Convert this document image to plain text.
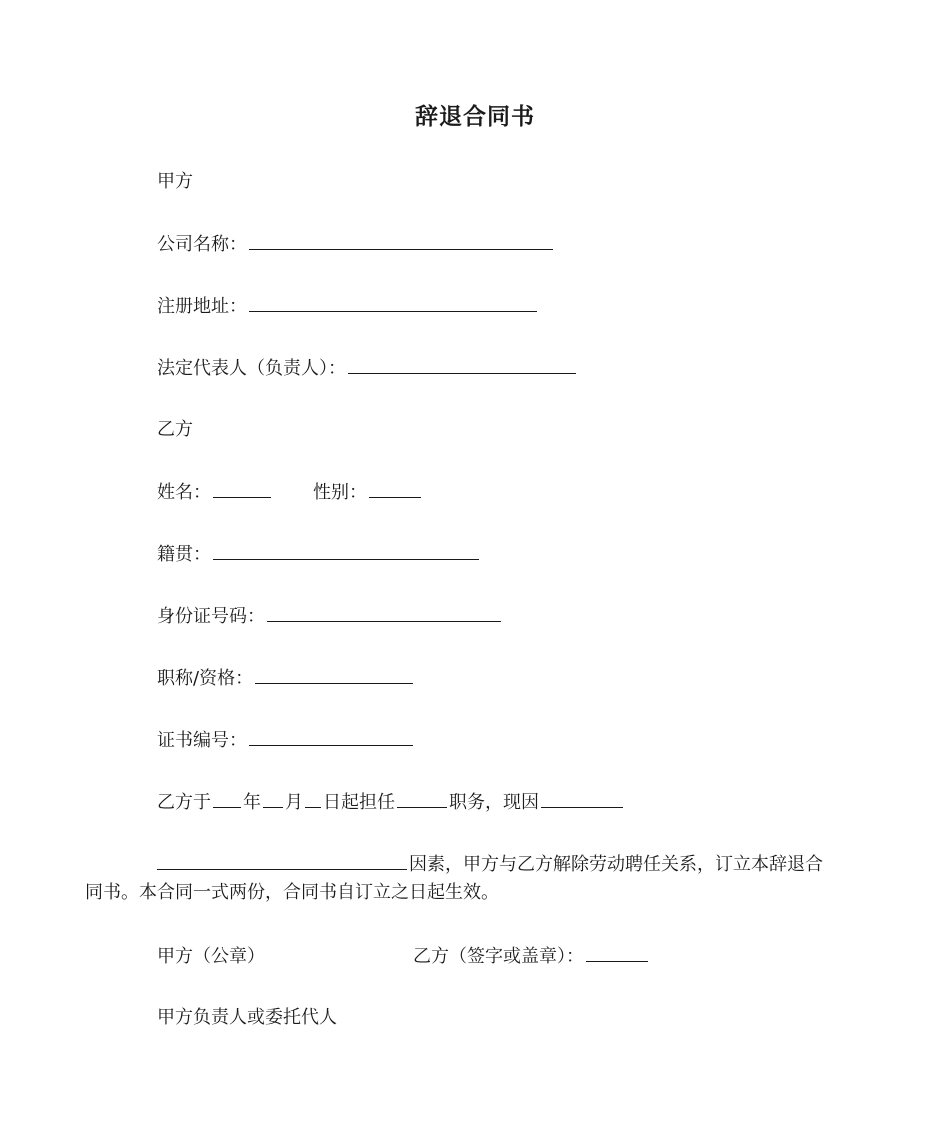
辞退合同书
甲方
公司名称：
注册地址：
法定代表人（负责人）：
乙方
姓名：	性别：
籍贯：
身份证号码：
职称/资格：
证书编号：
乙方于 年 月 日起担任	职务，现因
因素，甲方与乙方解除劳动聘任关系，订立本辞退合
同书。本合同一式两份，合同书自订立之日起生效。
甲方（公章）	乙方（签字或盖章）：
甲方负责人或委托代人
